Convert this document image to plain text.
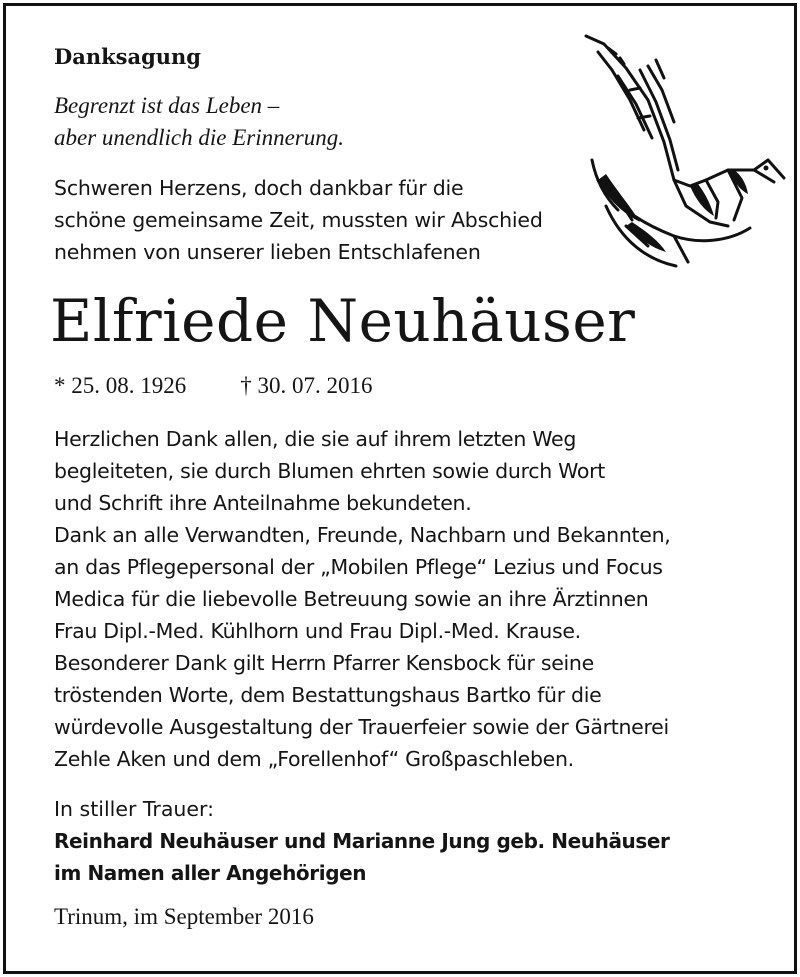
Danksagung
Begrenzt ist das Leben –
aber unendlich die Erinnerung.
Schweren Herzens, doch dankbar für die
schöne gemeinsame Zeit, mussten wir Abschied
nehmen von unserer lieben Entschlafenen
Elfriede Neuhäuser
* 25. 08. 1926 † 30. 07. 2016

Herzlichen Dank allen, die sie auf ihrem letzten Weg

begleiteten, sie durch Blumen ehrten sowie durch Wort

und Schrift ihre Anteilnahme bekundeten.

Dank an alle Verwandten, Freunde, Nachbarn und Bekannten,

an das Pflegepersonal der „Mobilen Pflege“ Lezius und Focus

Medica für die liebevolle Betreuung sowie an ihre Ärztinnen

Frau Dipl.-Med. Kühlhorn und Frau Dipl.-Med. Krause.

Besonderer Dank gilt Herrn Pfarrer Kensbock für seine

tröstenden Worte, dem Bestattungshaus Bartko für die

würdevolle Ausgestaltung der Trauerfeier sowie der Gärtnerei

Zehle Aken und dem „Forellenhof“ Großpaschleben.

In stiller Trauer:
Reinhard Neuhäuser und Marianne Jung geb. Neuhäuser
im Namen aller Angehörigen
Trinum, im September 2016
